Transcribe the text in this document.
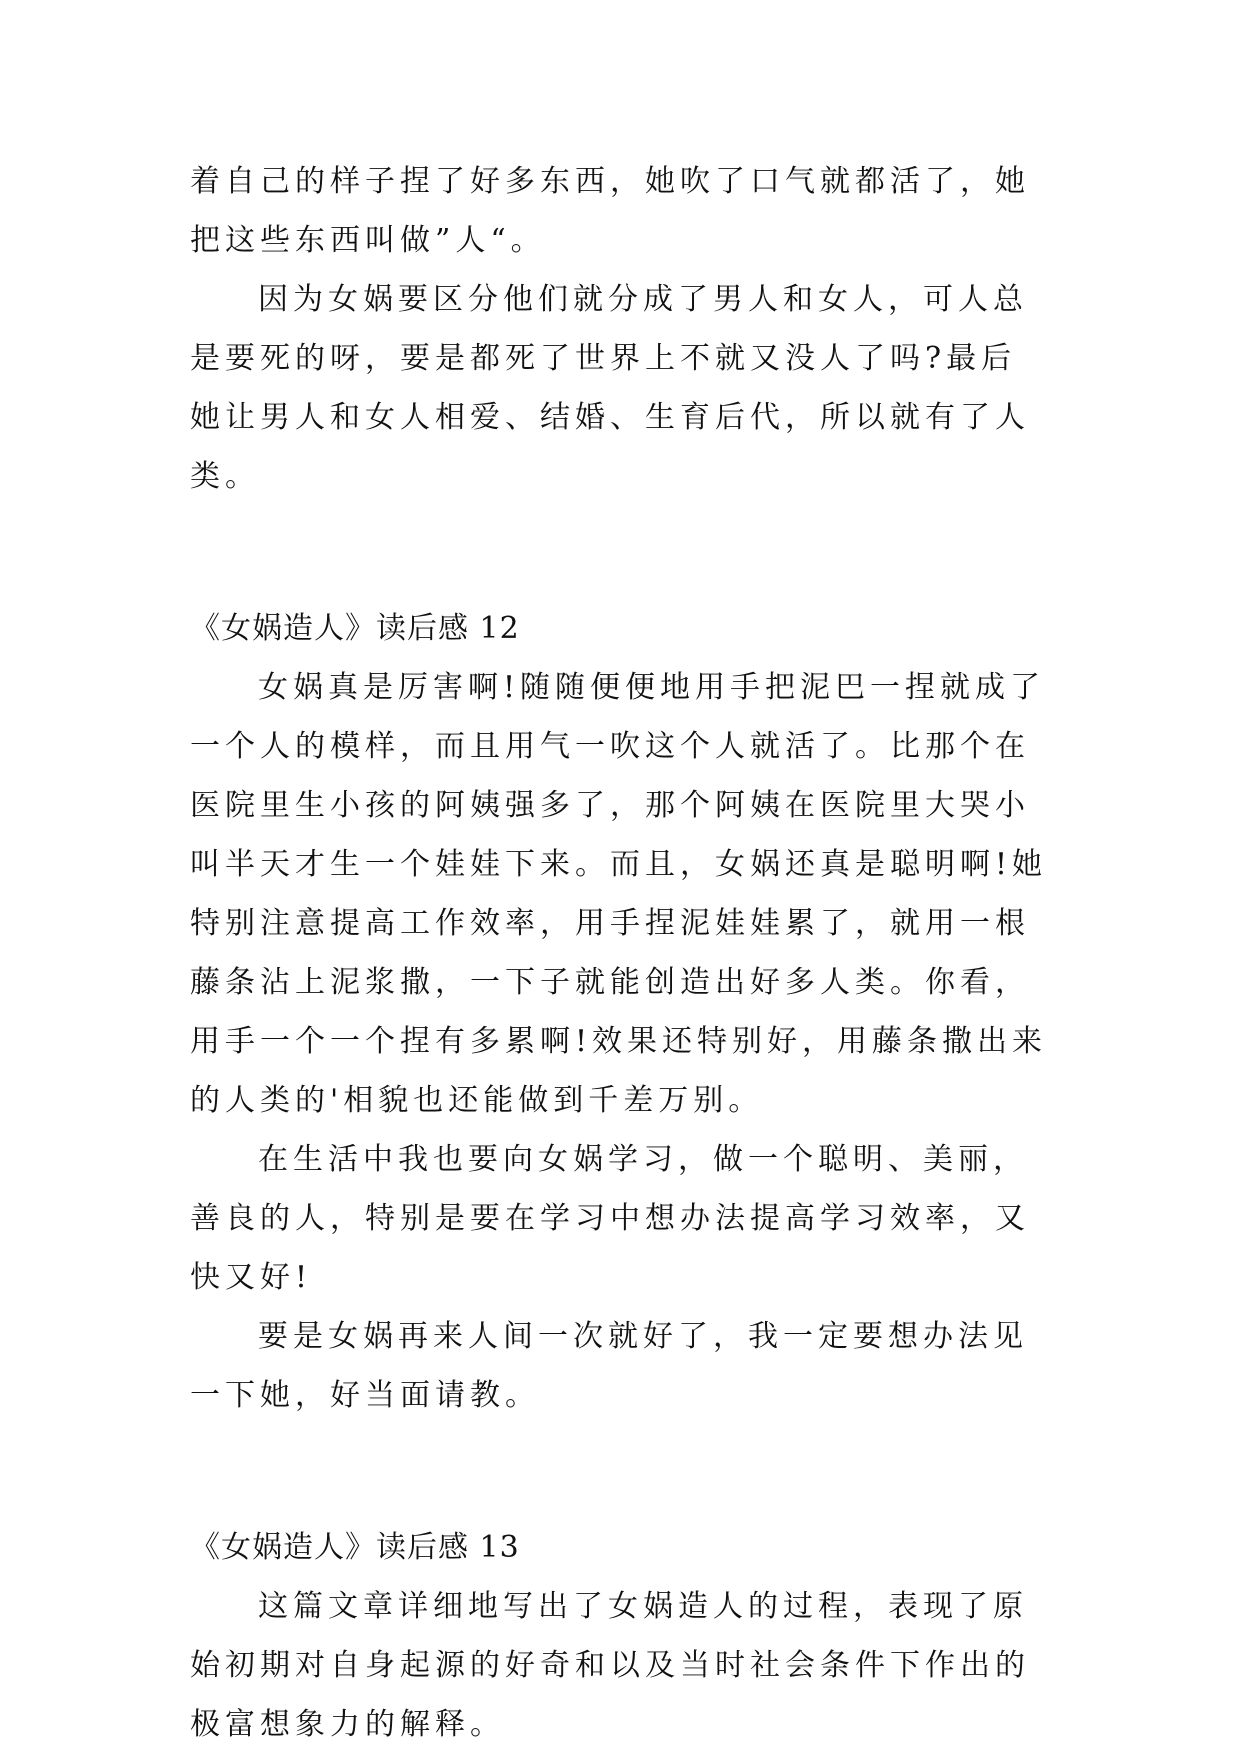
着自己的样子捏了好多东西，她吹了口气就都活了，她把这些东西叫做”人“。

因为女娲要区分他们就分成了男人和女人，可人总是要死的呀，要是都死了世界上不就又没人了吗?最后她让男人和女人相爱、结婚、生育后代，所以就有了人类。

《女娲造人》读后感 12

女娲真是厉害啊!随随便便地用手把泥巴一捏就成了一个人的模样，而且用气一吹这个人就活了。比那个在医院里生小孩的阿姨强多了，那个阿姨在医院里大哭小叫半天才生一个娃娃下来。而且，女娲还真是聪明啊!她特别注意提高工作效率，用手捏泥娃娃累了，就用一根藤条沾上泥浆撒，一下子就能创造出好多人类。你看，用手一个一个捏有多累啊!效果还特别好，用藤条撒出来的人类的'相貌也还能做到千差万别。

在生活中我也要向女娲学习，做一个聪明、美丽，善良的人，特别是要在学习中想办法提高学习效率，又快又好!

要是女娲再来人间一次就好了，我一定要想办法见一下她，好当面请教。

《女娲造人》读后感 13

这篇文章详细地写出了女娲造人的过程，表现了原始初期对自身起源的好奇和以及当时社会条件下作出的极富想象力的解释。
